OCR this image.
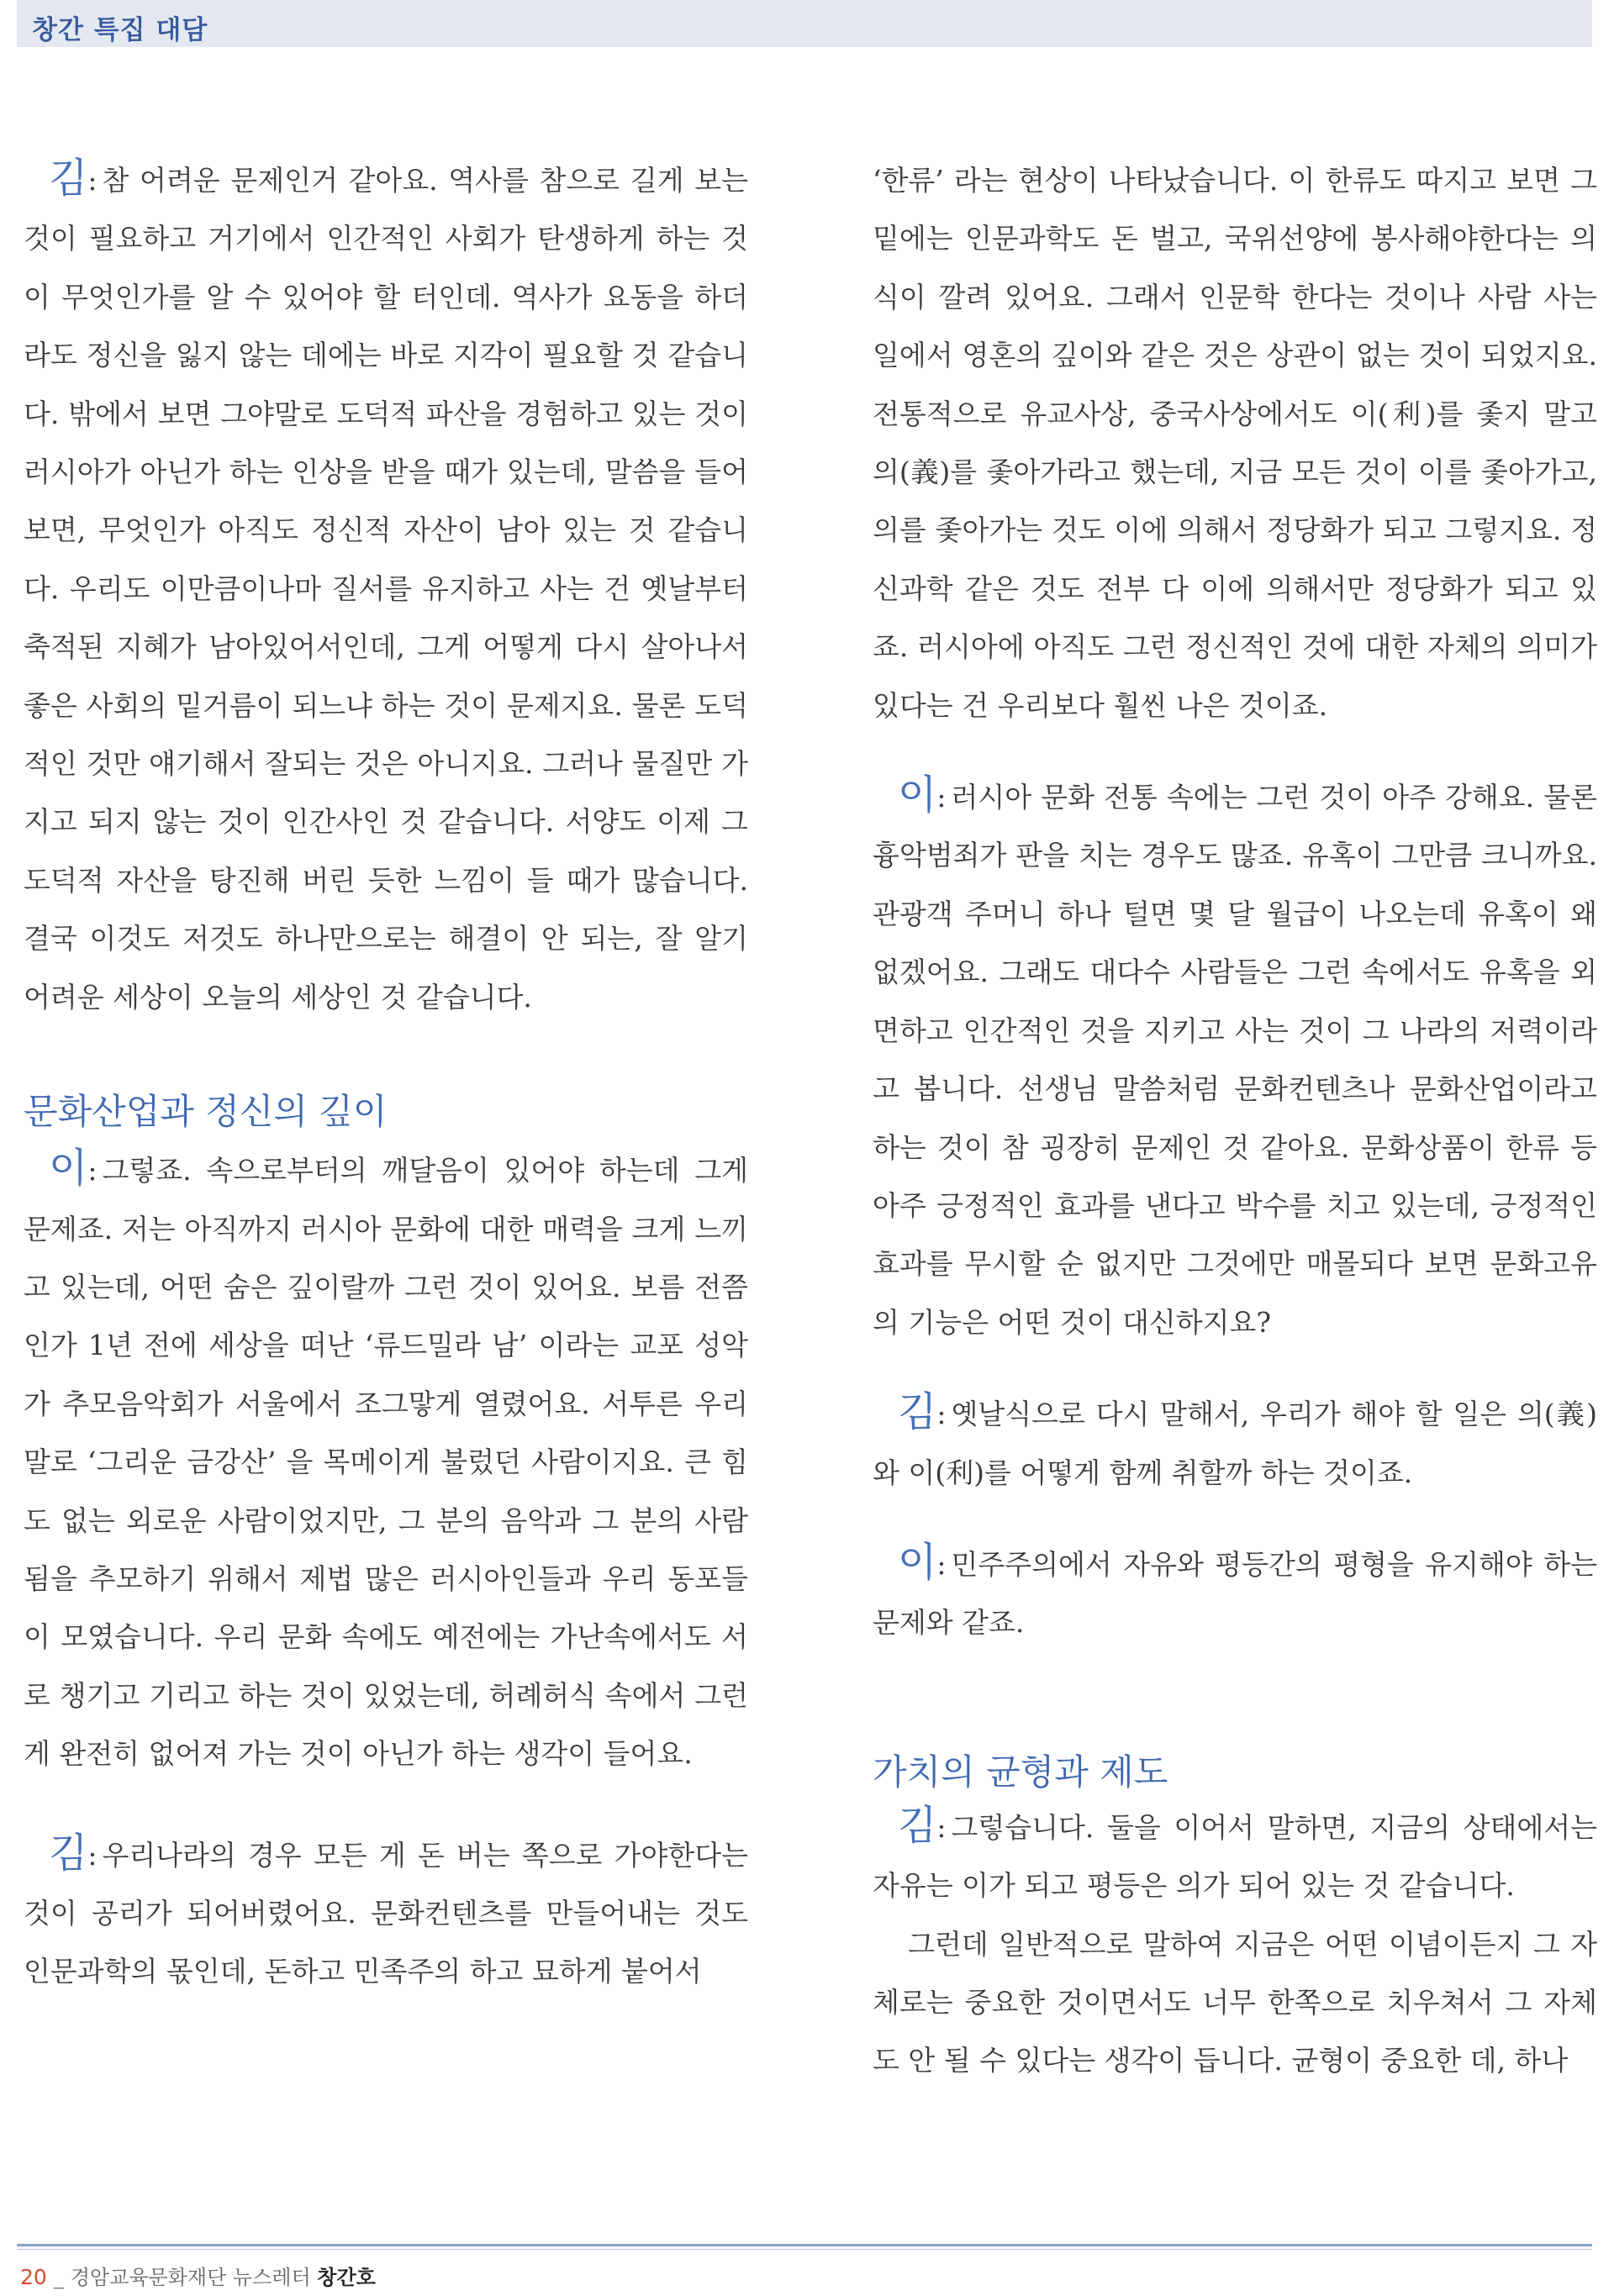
창간 특집 대담

김: 참 어려운 문제인거 같아요. 역사를 참으로 길게 보는 것이 필요하고 거기에서 인간적인 사회가 탄생하게 하는 것이 무엇인가를 알 수 있어야 할 터인데. 역사가 요동을 하더라도 정신을 잃지 않는 데에는 바로 지각이 필요할 것 같습니다. 밖에서 보면 그야말로 도덕적 파산을 경험하고 있는 것이 러시아가 아닌가 하는 인상을 받을 때가 있는데, 말씀을 들어보면, 무엇인가 아직도 정신적 자산이 남아 있는 것 같습니다. 우리도 이만큼이나마 질서를 유지하고 사는 건 옛날부터 축적된 지혜가 남아있어서인데, 그게 어떻게 다시 살아나서 좋은 사회의 밑거름이 되느냐 하는 것이 문제지요. 물론 도덕적인 것만 얘기해서 잘되는 것은 아니지요. 그러나 물질만 가지고 되지 않는 것이 인간사인 것 같습니다. 서양도 이제 그 도덕적 자산을 탕진해 버린 듯한 느낌이 들 때가 많습니다. 결국 이것도 저것도 하나만으로는 해결이 안 되는, 잘 알기 어려운 세상이 오늘의 세상인 것 같습니다.

문화산업과 정신의 깊이

이: 그렇죠. 속으로부터의 깨달음이 있어야 하는데 그게 문제죠. 저는 아직까지 러시아 문화에 대한 매력을 크게 느끼고 있는데, 어떤 숨은 깊이랄까 그런 것이 있어요. 보름 전쯤인가 1년 전에 세상을 떠난 ‘류드밀라 남’ 이라는 교포 성악가 추모음악회가 서울에서 조그맣게 열렸어요. 서투른 우리말로 ‘그리운 금강산’ 을 목메이게 불렀던 사람이지요. 큰 힘도 없는 외로운 사람이었지만, 그 분의 음악과 그 분의 사람됨을 추모하기 위해서 제법 많은 러시아인들과 우리 동포들이 모였습니다. 우리 문화 속에도 예전에는 가난속에서도 서로 챙기고 기리고 하는 것이 있었는데, 허례허식 속에서 그런게 완전히 없어져 가는 것이 아닌가 하는 생각이 들어요.

김: 우리나라의 경우 모든 게 돈 버는 쪽으로 가야한다는 것이 공리가 되어버렸어요. 문화컨텐츠를 만들어내는 것도 인문과학의 몫인데, 돈하고 민족주의 하고 묘하게 붙어서

‘한류’ 라는 현상이 나타났습니다. 이 한류도 따지고 보면 그 밑에는 인문과학도 돈 벌고, 국위선양에 봉사해야한다는 의식이 깔려 있어요. 그래서 인문학 한다는 것이나 사람 사는 일에서 영혼의 깊이와 같은 것은 상관이 없는 것이 되었지요. 전통적으로 유교사상, 중국사상에서도 이(利)를 좇지 말고 의(義)를 좇아가라고 했는데, 지금 모든 것이 이를 좇아가고, 의를 좇아가는 것도 이에 의해서 정당화가 되고 그렇지요. 정신과학 같은 것도 전부 다 이에 의해서만 정당화가 되고 있죠. 러시아에 아직도 그런 정신적인 것에 대한 자체의 의미가 있다는 건 우리보다 훨씬 나은 것이죠.

이: 러시아 문화 전통 속에는 그런 것이 아주 강해요. 물론 흉악범죄가 판을 치는 경우도 많죠. 유혹이 그만큼 크니까요. 관광객 주머니 하나 털면 몇 달 월급이 나오는데 유혹이 왜 없겠어요. 그래도 대다수 사람들은 그런 속에서도 유혹을 외면하고 인간적인 것을 지키고 사는 것이 그 나라의 저력이라고 봅니다. 선생님 말씀처럼 문화컨텐츠나 문화산업이라고 하는 것이 참 굉장히 문제인 것 같아요. 문화상품이 한류 등 아주 긍정적인 효과를 낸다고 박수를 치고 있는데, 긍정적인 효과를 무시할 순 없지만 그것에만 매몰되다 보면 문화고유의 기능은 어떤 것이 대신하지요?

김: 옛날식으로 다시 말해서, 우리가 해야 할 일은 의(義)와 이(利)를 어떻게 함께 취할까 하는 것이죠.

이: 민주주의에서 자유와 평등간의 평형을 유지해야 하는 문제와 같죠.

가치의 균형과 제도

김: 그렇습니다. 둘을 이어서 말하면, 지금의 상태에서는 자유는 이가 되고 평등은 의가 되어 있는 것 같습니다.

그런데 일반적으로 말하여 지금은 어떤 이념이든지 그 자체로는 중요한 것이면서도 너무 한쪽으로 치우쳐서 그 자체도 안 될 수 있다는 생각이 듭니다. 균형이 중요한 데, 하나

20 _ 경암교육문화재단 뉴스레터 창간호
